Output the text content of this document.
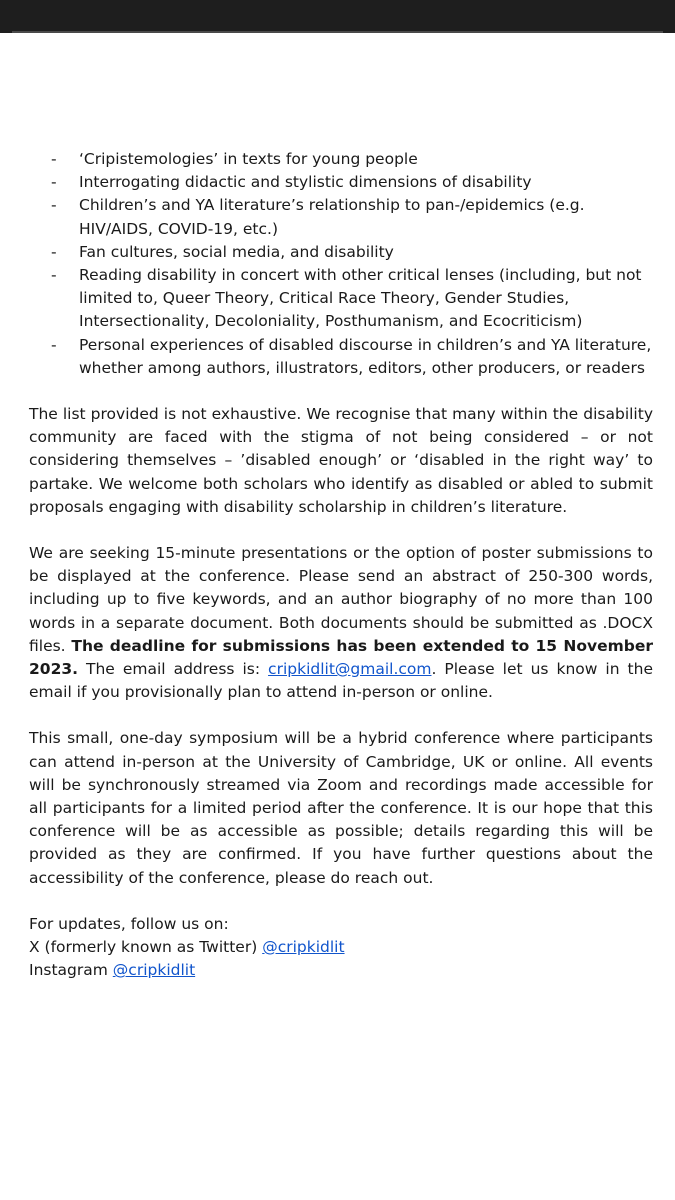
- ‘Cripistemologies’ in texts for young people
- Interrogating didactic and stylistic dimensions of disability
- Children’s and YA literature’s relationship to pan-/epidemics (e.g. HIV/AIDS, COVID-19, etc.)
- Fan cultures, social media, and disability
- Reading disability in concert with other critical lenses (including, but not limited to, Queer Theory, Critical Race Theory, Gender Studies, Intersectionality, Decoloniality, Posthumanism, and Ecocriticism)
- Personal experiences of disabled discourse in children’s and YA literature, whether among authors, illustrators, editors, other producers, or readers

The list provided is not exhaustive. We recognise that many within the disability community are faced with the stigma of not being considered – or not considering themselves – ’disabled enough’ or ‘disabled in the right way’ to partake. We welcome both scholars who identify as disabled or abled to submit proposals engaging with disability scholarship in children’s literature.

We are seeking 15-minute presentations or the option of poster submissions to be displayed at the conference. Please send an abstract of 250-300 words, including up to five keywords, and an author biography of no more than 100 words in a separate document. Both documents should be submitted as .DOCX files. The deadline for submissions has been extended to 15 November 2023. The email address is: cripkidlit@gmail.com. Please let us know in the email if you provisionally plan to attend in-person or online.

This small, one-day symposium will be a hybrid conference where participants can attend in-person at the University of Cambridge, UK or online. All events will be synchronously streamed via Zoom and recordings made accessible for all participants for a limited period after the conference. It is our hope that this conference will be as accessible as possible; details regarding this will be provided as they are confirmed. If you have further questions about the accessibility of the conference, please do reach out.

For updates, follow us on:

X (formerly known as Twitter) @cripkidlit

Instagram @cripkidlit
